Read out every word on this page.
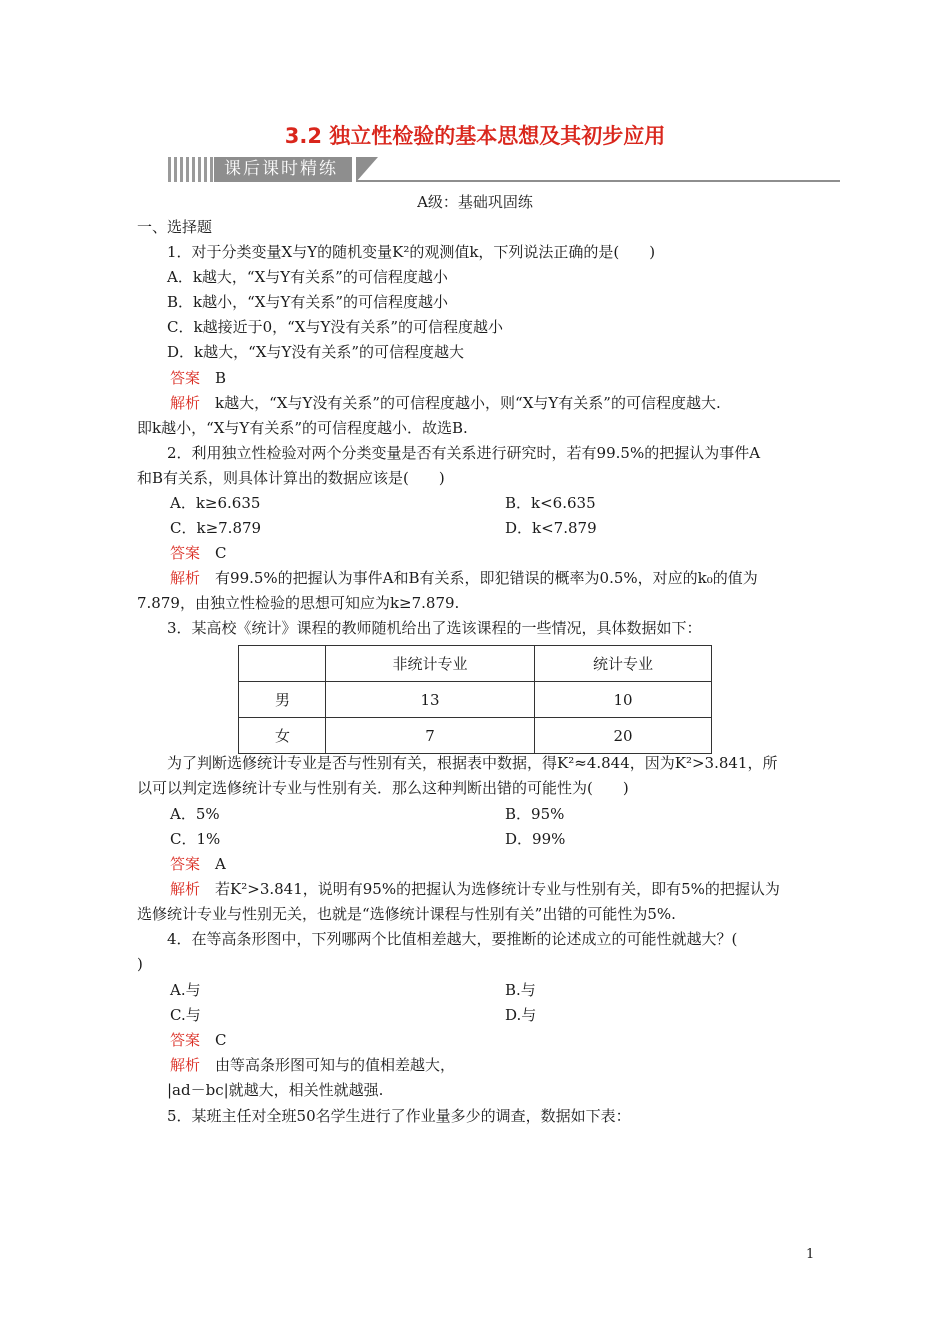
3.2 独立性检验的基本思想及其初步应用
课后课时精练
A级：基础巩固练
一、选择题
1．对于分类变量X与Y的随机变量K²的观测值k，下列说法正确的是(　　)
A．k越大，“X与Y有关系”的可信程度越小
B．k越小，“X与Y有关系”的可信程度越小
C．k越接近于0，“X与Y没有关系”的可信程度越小
D．k越大，“X与Y没有关系”的可信程度越大
答案　 B
解析　 k越大，“X与Y没有关系”的可信程度越小，则“X与Y有关系”的可信程度越大.
即k越小，“X与Y有关系”的可信程度越小．故选B.
2．利用独立性检验对两个分类变量是否有关系进行研究时，若有99.5%的把握认为事件A
和B有关系，则具体计算出的数据应该是(　　)
A．k≥6.635	B．k<6.635
C．k≥7.879	D．k<7.879
答案　 C
解析　 有99.5%的把握认为事件A和B有关系，即犯错误的概率为0.5%，对应的k₀的值为
7.879，由独立性检验的思想可知应为k≥7.879.
3．某高校《统计》课程的教师随机给出了选该课程的一些情况，具体数据如下：
	非统计专业	统计专业
男	13	10
女	7	20
为了判断选修统计专业是否与性别有关，根据表中数据，得K²≈4.844，因为K²>3.841，所
以可以判定选修统计专业与性别有关．那么这种判断出错的可能性为(　　)
A．5%	B．95%
C．1%	D．99%
答案　 A
解析　 若K²>3.841，说明有95%的把握认为选修统计专业与性别有关，即有5%的把握认为
选修统计专业与性别无关，也就是“选修统计课程与性别有关”出错的可能性为5%.
4．在等高条形图中，下列哪两个比值相差越大，要推断的论述成立的可能性就越大？(
)
A.与	B.与
C.与	D.与
答案　 C
解析　 由等高条形图可知与的值相差越大，
|ad－bc|就越大，相关性就越强.
5．某班主任对全班50名学生进行了作业量多少的调查，数据如下表：
1
